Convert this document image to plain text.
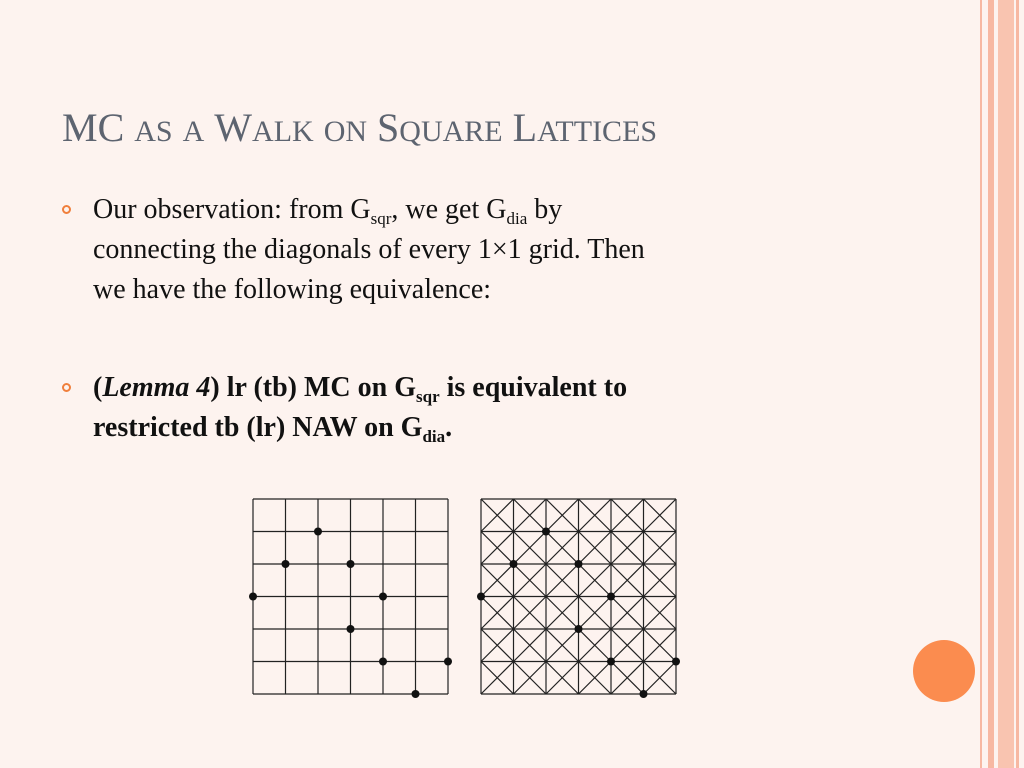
MC AS A WALK ON SQUARE LATTICES
Our observation: from $G_{sqr}$, we get $G_{dia}$ by
connecting the diagonals of every 1×1 grid. Then
we have the following equivalence:
(Lemma 4) lr (tb) MC on $G_{sqr}$ is equivalent to
restricted tb (lr) NAW on $G_{dia}$.
